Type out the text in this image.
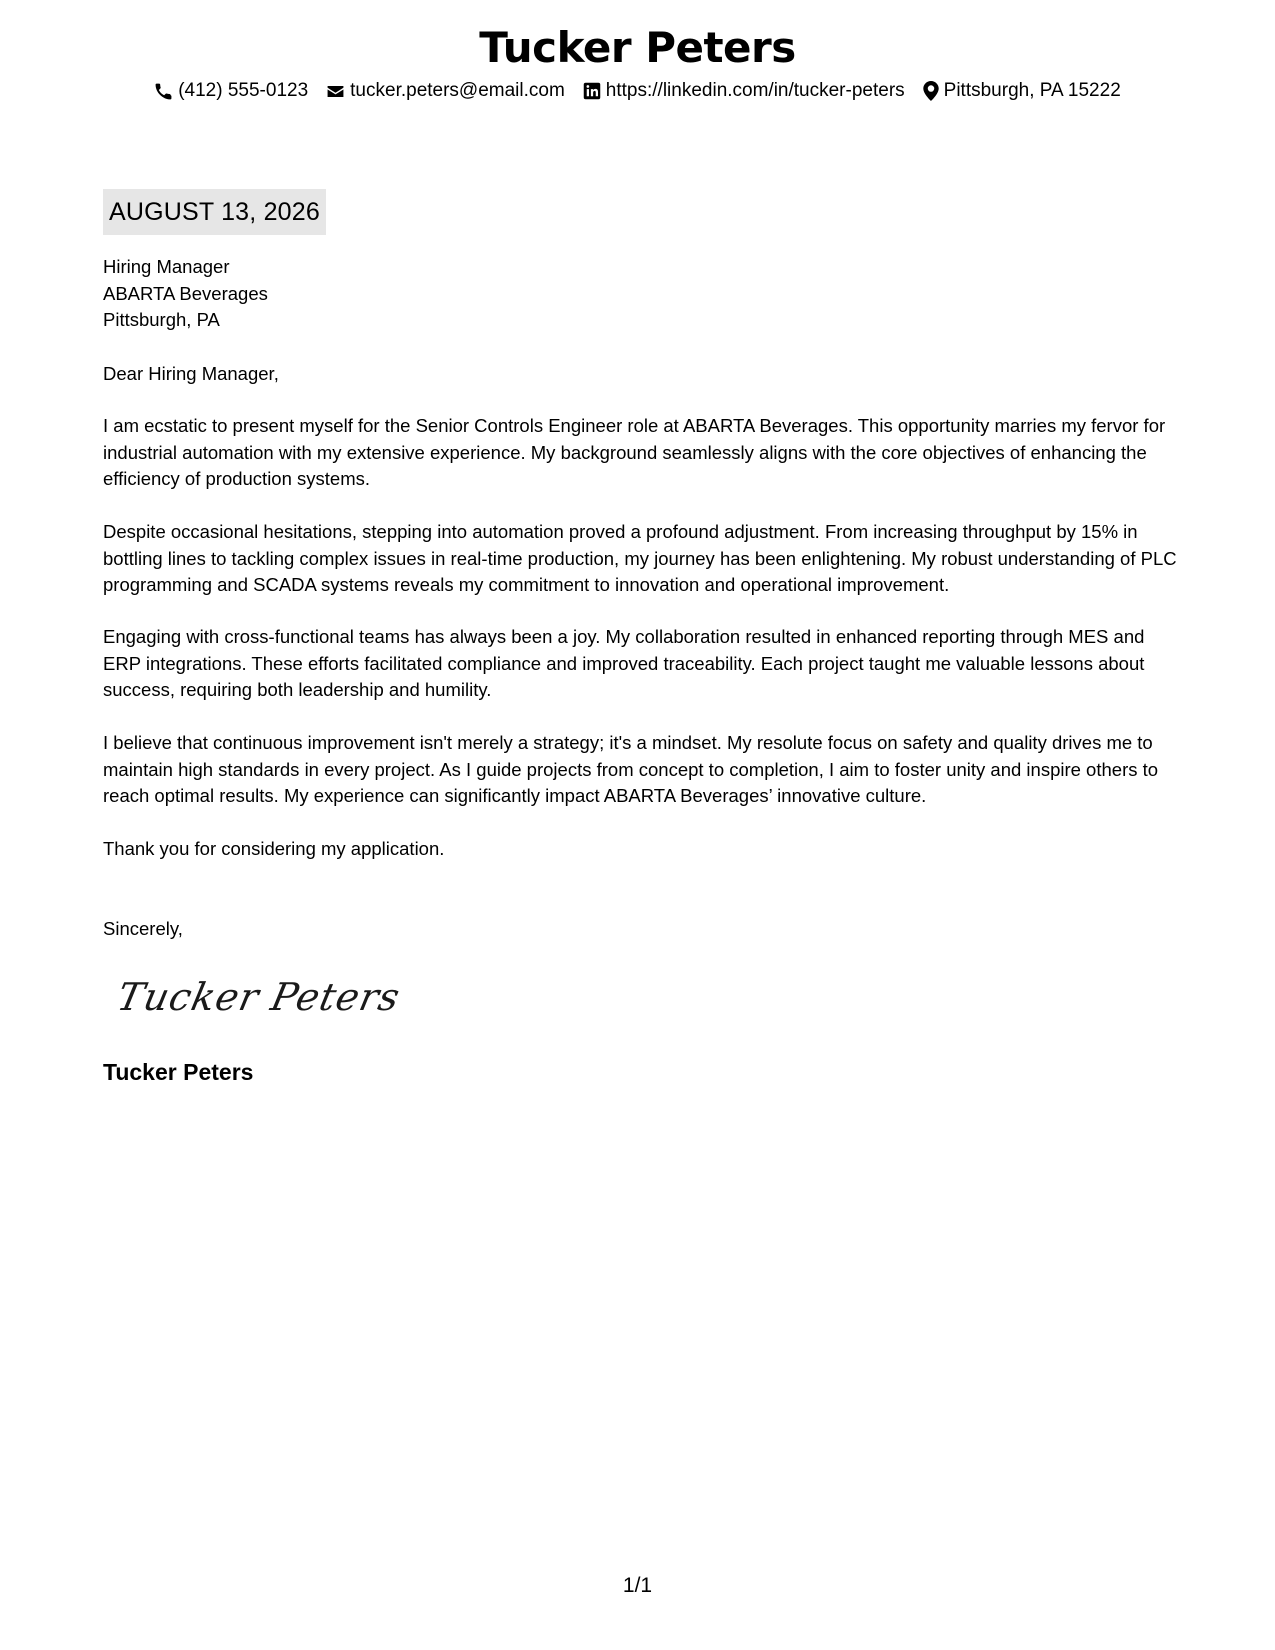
Tucker Peters
(412) 555-0123 tucker.peters@email.com https://linkedin.com/in/tucker-peters Pittsburgh, PA 15222
AUGUST 13, 2026

Hiring Manager

ABARTA Beverages

Pittsburgh, PA

Dear Hiring Manager,
I am ecstatic to present myself for the Senior Controls Engineer role at ABARTA Beverages. This opportunity marries my fervor for industrial automation with my extensive experience. My background seamlessly aligns with the core objectives of enhancing the efficiency of production systems.
Despite occasional hesitations, stepping into automation proved a profound adjustment. From increasing throughput by 15% in bottling lines to tackling complex issues in real-time production, my journey has been enlightening. My robust understanding of PLC programming and SCADA systems reveals my commitment to innovation and operational improvement.
Engaging with cross-functional teams has always been a joy. My collaboration resulted in enhanced reporting through MES and ERP integrations. These efforts facilitated compliance and improved traceability. Each project taught me valuable lessons about success, requiring both leadership and humility.
I believe that continuous improvement isn't merely a strategy; it's a mindset. My resolute focus on safety and quality drives me to maintain high standards in every project. As I guide projects from concept to completion, I aim to foster unity and inspire others to reach optimal results. My experience can significantly impact ABARTA Beverages’ innovative culture.
Thank you for considering my application.
Sincerely,
Tucker Peters
Tucker Peters
1/1
